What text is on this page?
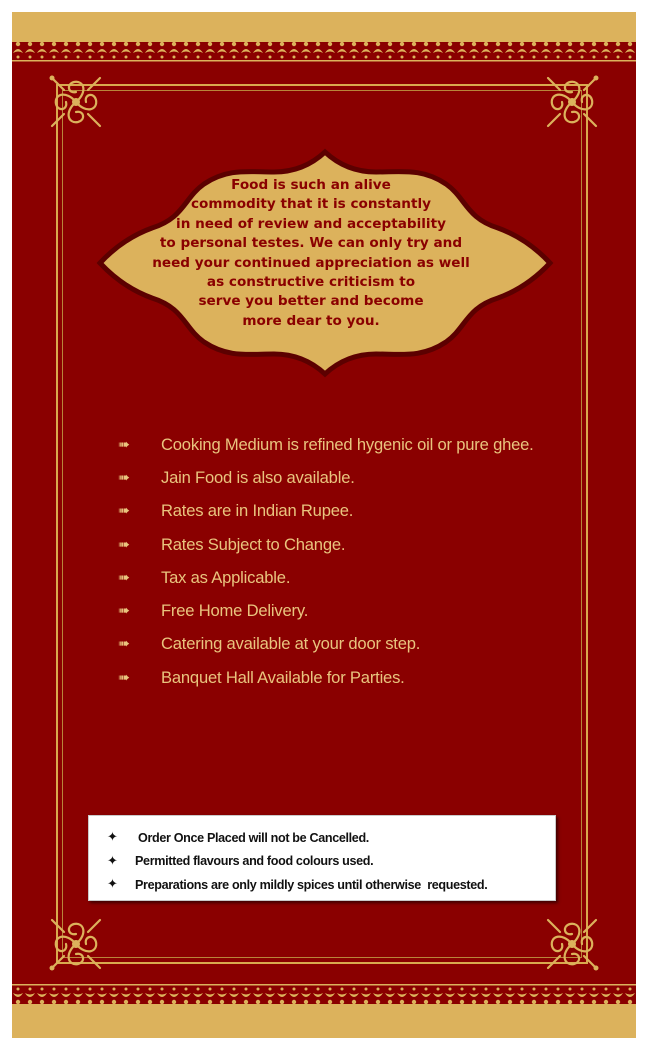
Food is such an alive
commodity that it is constantly
in need of review and acceptability
to personal testes. We can only try and
need your continued appreciation as well
as constructive criticism to
serve you better and become
more dear to you.

➠	Cooking Medium is refined hygenic oil or pure ghee.
➠	Jain Food is also available.
➠	Rates are in Indian Rupee.
➠	Rates Subject to Change.
➠	Tax as Applicable.
➠	Free Home Delivery.
➠	Catering available at your door step.
➠	Banquet Hall Available for Parties.
✦	Order Once Placed will not be Cancelled.
✦	Permitted flavours and food colours used.
✦	Preparations are only mildly spices until otherwise  requested.
